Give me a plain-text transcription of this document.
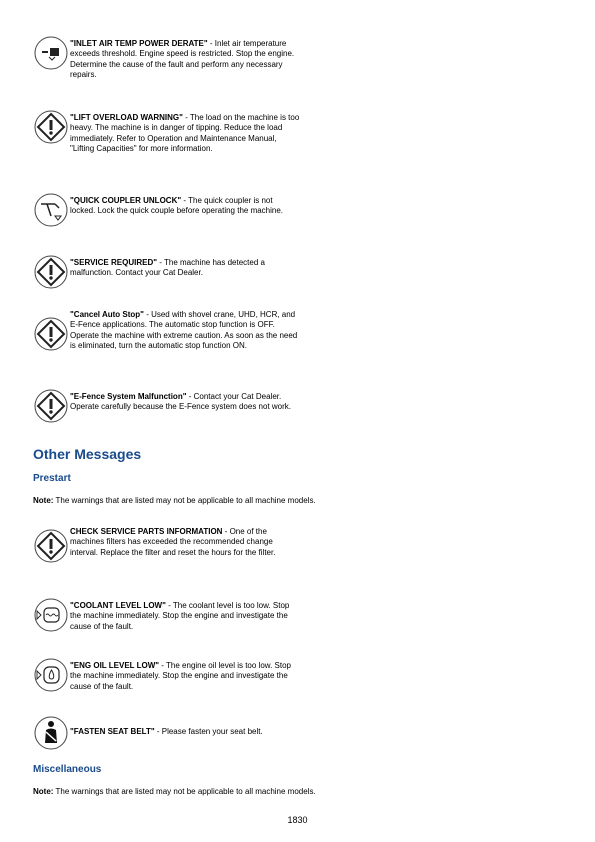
"INLET AIR TEMP POWER DERATE" - Inlet air temperature exceeds threshold. Engine speed is restricted. Stop the engine. Determine the cause of the fault and perform any necessary repairs.
"LIFT OVERLOAD WARNING" - The load on the machine is too heavy. The machine is in danger of tipping. Reduce the load immediately. Refer to Operation and Maintenance Manual, "Lifting Capacities" for more information.
"QUICK COUPLER UNLOCK" - The quick coupler is not locked. Lock the quick couple before operating the machine.
"SERVICE REQUIRED" - The machine has detected a malfunction. Contact your Cat Dealer.
"Cancel Auto Stop" - Used with shovel crane, UHD, HCR, and E-Fence applications. The automatic stop function is OFF. Operate the machine with extreme caution. As soon as the need is eliminated, turn the automatic stop function ON.
"E-Fence System Malfunction" - Contact your Cat Dealer. Operate carefully because the E-Fence system does not work.
Other Messages
Prestart
Note: The warnings that are listed may not be applicable to all machine models.
CHECK SERVICE PARTS INFORMATION - One of the machines filters has exceeded the recommended change interval. Replace the filter and reset the hours for the filter.
"COOLANT LEVEL LOW" - The coolant level is too low. Stop the machine immediately. Stop the engine and investigate the cause of the fault.
"ENG OIL LEVEL LOW" - The engine oil level is too low. Stop the machine immediately. Stop the engine and investigate the cause of the fault.
"FASTEN SEAT BELT" - Please fasten your seat belt.
Miscellaneous
Note: The warnings that are listed may not be applicable to all machine models.
1830
